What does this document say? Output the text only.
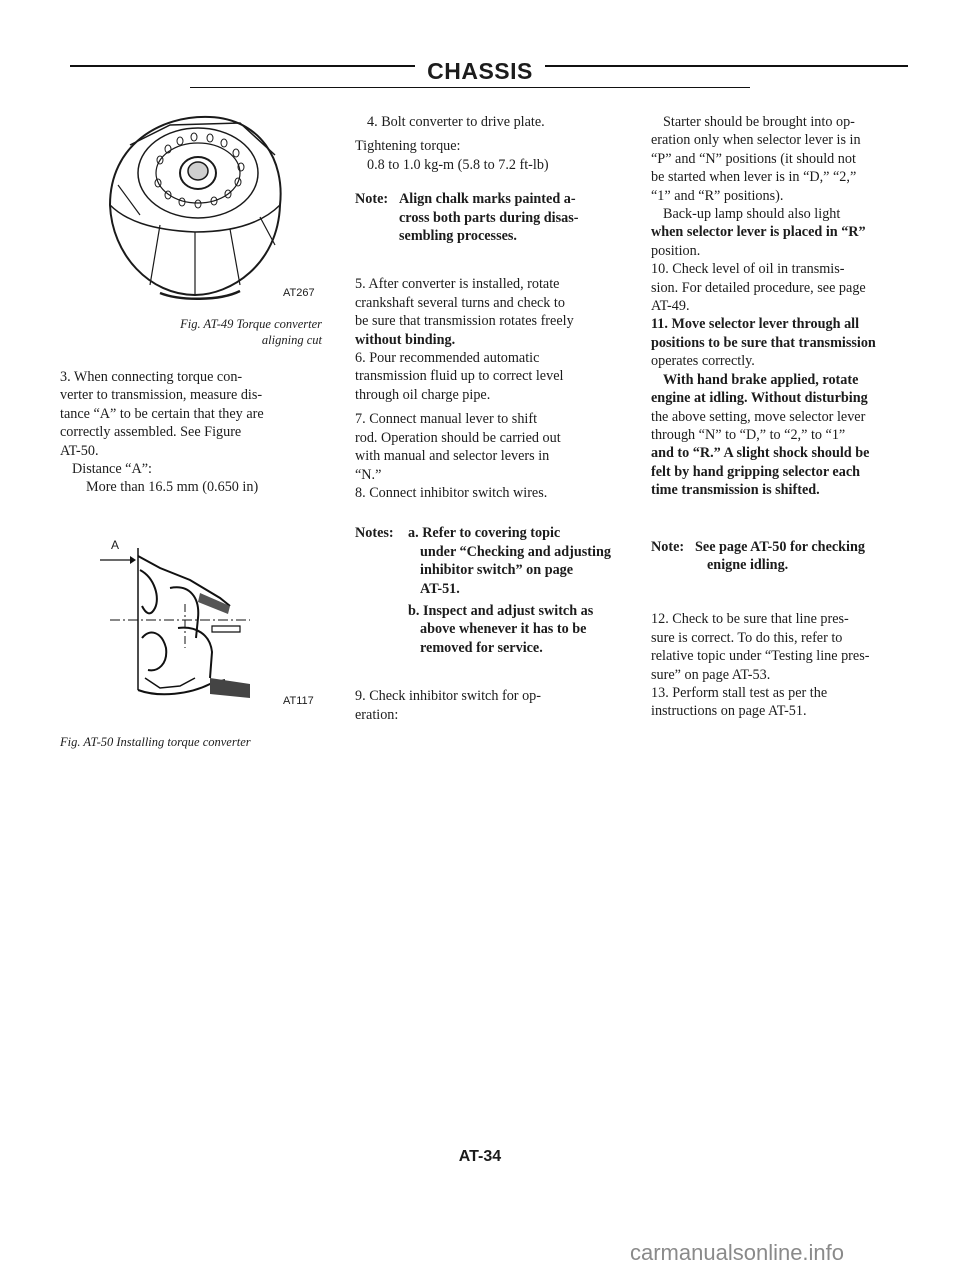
CHASSIS
AT267

Fig. AT-49 Torque converter

aligning cut

3. When connecting torque con-

verter to transmission, measure dis-

tance “A” to be certain that they are

correctly assembled. See Figure

AT-50.

Distance “A”:

More than 16.5 mm (0.650 in)

A
AT117

Fig. AT-50 Installing torque converter

4. Bolt converter to drive plate.

Tightening torque:

0.8 to 1.0 kg-m (5.8 to 7.2 ft-lb)

Note: Align chalk marks painted a-

cross both parts during disas-

sembling processes.

5. After converter is installed, rotate

crankshaft several turns and check to

be sure that transmission rotates freely

without binding.

6. Pour recommended automatic

transmission fluid up to correct level

through oil charge pipe.

7. Connect manual lever to shift

rod. Operation should be carried out

with manual and selector levers in

“N.”

8. Connect inhibitor switch wires.

Notes:	a. Refer to covering topic

under “Checking and adjusting

inhibitor switch” on page

AT-51.

b. Inspect and adjust switch as

above whenever it has to be

removed for service.

9. Check inhibitor switch for op-

eration:

Starter should be brought into op-

eration only when selector lever is in

“P” and “N” positions (it should not

be started when lever is in “D,” “2,”

“1” and “R” positions).

Back-up lamp should also light

when selector lever is placed in “R”

position.

10. Check level of oil in transmis-

sion. For detailed procedure, see page

AT-49.

11. Move selector lever through all

positions to be sure that transmission

operates correctly.

With hand brake applied, rotate

engine at idling. Without disturbing

the above setting, move selector lever

through “N” to “D,” to “2,” to “1”

and to “R.” A slight shock should be

felt by hand gripping selector each

time transmission is shifted.

Note: See page AT-50 for checking

enigne idling.

12. Check to be sure that line pres-

sure is correct. To do this, refer to

relative topic under “Testing line pres-

sure” on page AT-53.

13. Perform stall test as per the

instructions on page AT-51.

AT-34
carmanualsonline.info
